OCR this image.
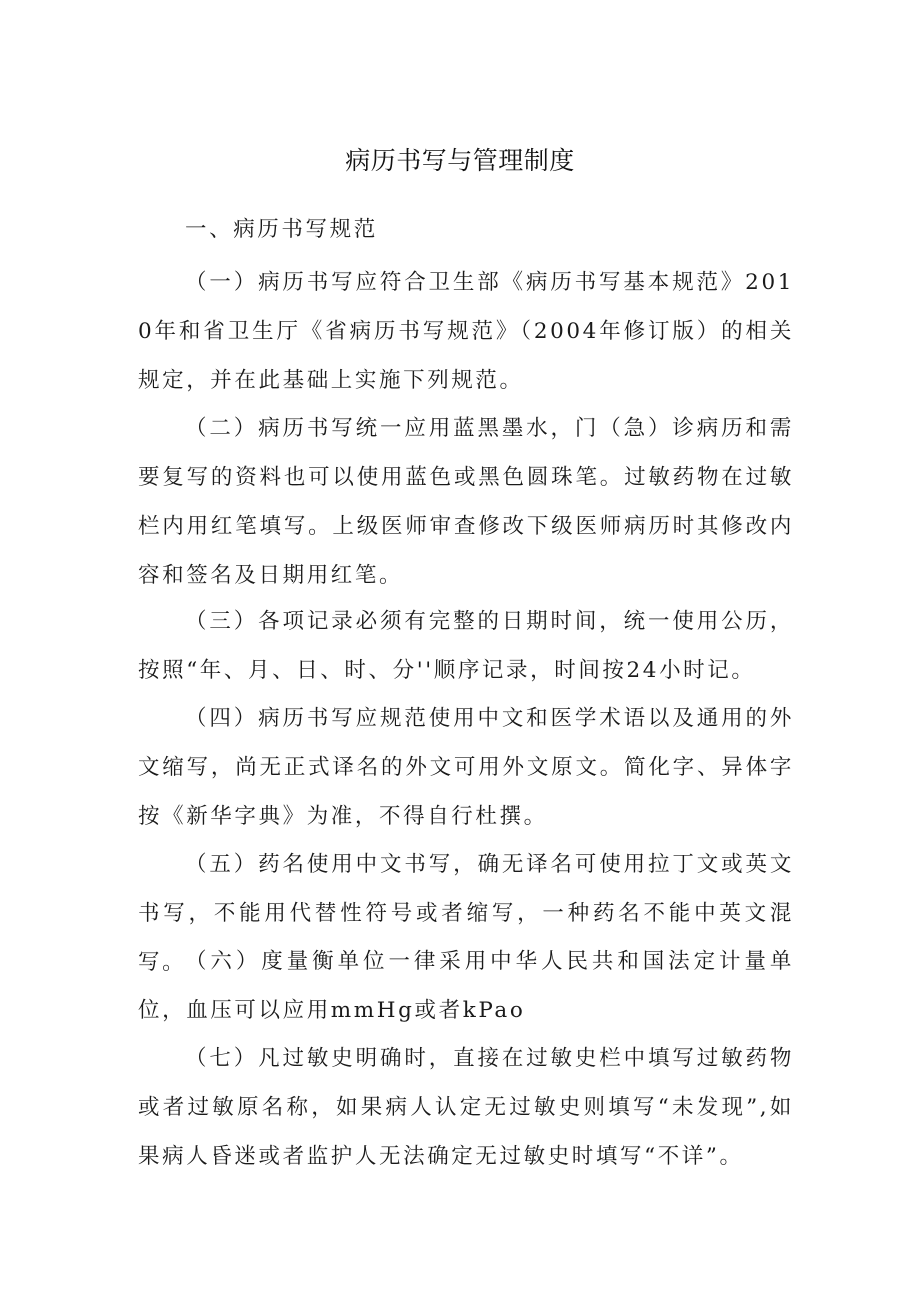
病历书写与管理制度
一、病历书写规范

（一）病历书写应符合卫生部《病历书写基本规范》2010年和省卫生厅《省病历书写规范》（2004年修订版）的相关规定，并在此基础上实施下列规范。

（二）病历书写统一应用蓝黑墨水，门（急）诊病历和需要复写的资料也可以使用蓝色或黑色圆珠笔。过敏药物在过敏栏内用红笔填写。上级医师审查修改下级医师病历时其修改内容和签名及日期用红笔。

（三）各项记录必须有完整的日期时间，统一使用公历，按照“年、月、日、时、分''顺序记录，时间按24小时记。

（四）病历书写应规范使用中文和医学术语以及通用的外文缩写，尚无正式译名的外文可用外文原文。简化字、异体字按《新华字典》为准，不得自行杜撰。

（五）药名使用中文书写，确无译名可使用拉丁文或英文书写，不能用代替性符号或者缩写，一种药名不能中英文混写。

（六）度量衡单位一律采用中华人民共和国法定计量单位，血压可以应用mmHg或者kPao

（七）凡过敏史明确时，直接在过敏史栏中填写过敏药物或者过敏原名称，如果病人认定无过敏史则填写“未发现”,如果病人昏迷或者监护人无法确定无过敏史时填写“不详”。
